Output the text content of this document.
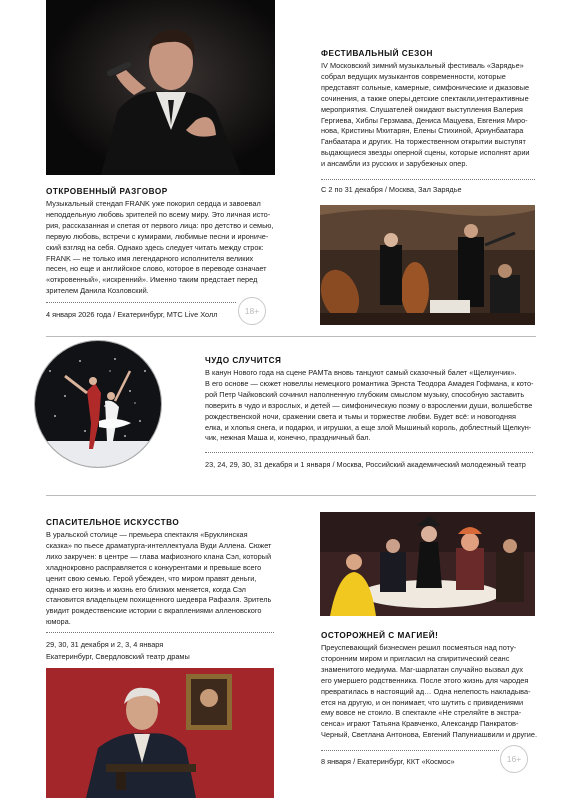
ОТКРОВЕННЫЙ РАЗГОВОР
Музыкальный стендап FRANK уже покорил сердца и завоевал
неподдельную любовь зрителей по всему миру. Это личная исто-
рия, рассказанная и спетая от первого лица: про детство и семью,
первую любовь, встречи с кумирами, любимые песни и ирониче-
ский взгляд на себя. Однако здесь следует читать между строк:
FRANK — не только имя легендарного исполнителя великих
песен, но еще и английское слово, которое в переводе означает
«откровенный», «искренний». Именно таким предстает перед
зрителем Данила Козловский.
4 января 2026 года / Екатеринбург, МТС Live Холл	18+
ФЕСТИВАЛЬНЫЙ СЕЗОН
IV Московский зимний музыкальный фестиваль «Зарядье»
собрал ведущих музыкантов современности, которые
представят сольные, камерные, симфонические и джазовые
сочинения, а также оперы,детские спектакли,интерактивные
мероприятия. Слушателей ожидают выступления Валерия
Гергиева, Хиблы Герзмава, Дениса Мацуева, Евгения Миро-
нова, Кристины Мхитарян, Елены Стихиной, Ариунбаатара
Ганбаатара и других. На торжественном открытии выступят
выдающиеся звезды оперной сцены, которые исполнят арии
и ансамбли из русских и зарубежных опер.
С 2 по 31 декабря / Москва, Зал Зарядье
ЧУДО СЛУЧИТСЯ
В канун Нового года на сцене РАМТа вновь танцуют самый сказочный балет «Щелкунчик».
В его основе — сюжет новеллы немецкого романтика Эрнста Теодора Амадея Гофмана, к кото-
рой Петр Чайковский сочинил наполненную глубоким смыслом музыку, способную заставить
поверить в чудо и взрослых, и детей — симфоническую поэму о взрослении души, волшебстве
рождественской ночи, сражении света и тьмы и торжестве любви. Будет всё: и новогодняя
елка, и хлопья снега, и подарки, и игрушки, а еще злой Мышиный король, доблестный Щелкун-
чик, нежная Маша и, конечно, праздничный бал.
23, 24, 29, 30, 31 декабря и 1 января / Москва, Российский академический молодежный театр
СПАСИТЕЛЬНОЕ ИСКУССТВО
В уральской столице — премьера спектакля «Бруклинская
сказка» по пьесе драматурга-интеллектуала Вуди Аллена. Сюжет
лихо закручен: в центре — глава мафиозного клана Сэл, который
хладнокровно расправляется с конкурентами и превыше всего
ценит свою семью. Герой убежден, что миром правят деньги,
однако его жизнь и жизнь его близких меняется, когда Сэл
становится владельцем похищенного шедевра Рафаэля. Зритель
увидит рождественские истории с вкраплениями алленовского
юмора.
29, 30, 31 декабря и 2, 3, 4 января
Екатеринбург, Свердловский театр драмы
ОСТОРОЖНЕЙ С МАГИЕЙ!
Преуспевающий бизнесмен решил посмеяться над поту-
сторонним миром и пригласил на спиритический сеанс
знаменитого медиума. Маг-шарлатан случайно вызвал дух
его умершего родственника. После этого жизнь для чародея
превратилась в настоящий ад… Одна нелепость накладыва-
ется на другую, и он понимает, что шутить с привидениями
ему вовсе не стоило. В спектакле «Не стреляйте в экстра-
сенса» играют Татьяна Кравченко, Александр Панкратов-
Черный, Светлана Антонова, Евгений Папуниашвили и другие.
8 января / Екатеринбург, ККТ «Космос»	16+
